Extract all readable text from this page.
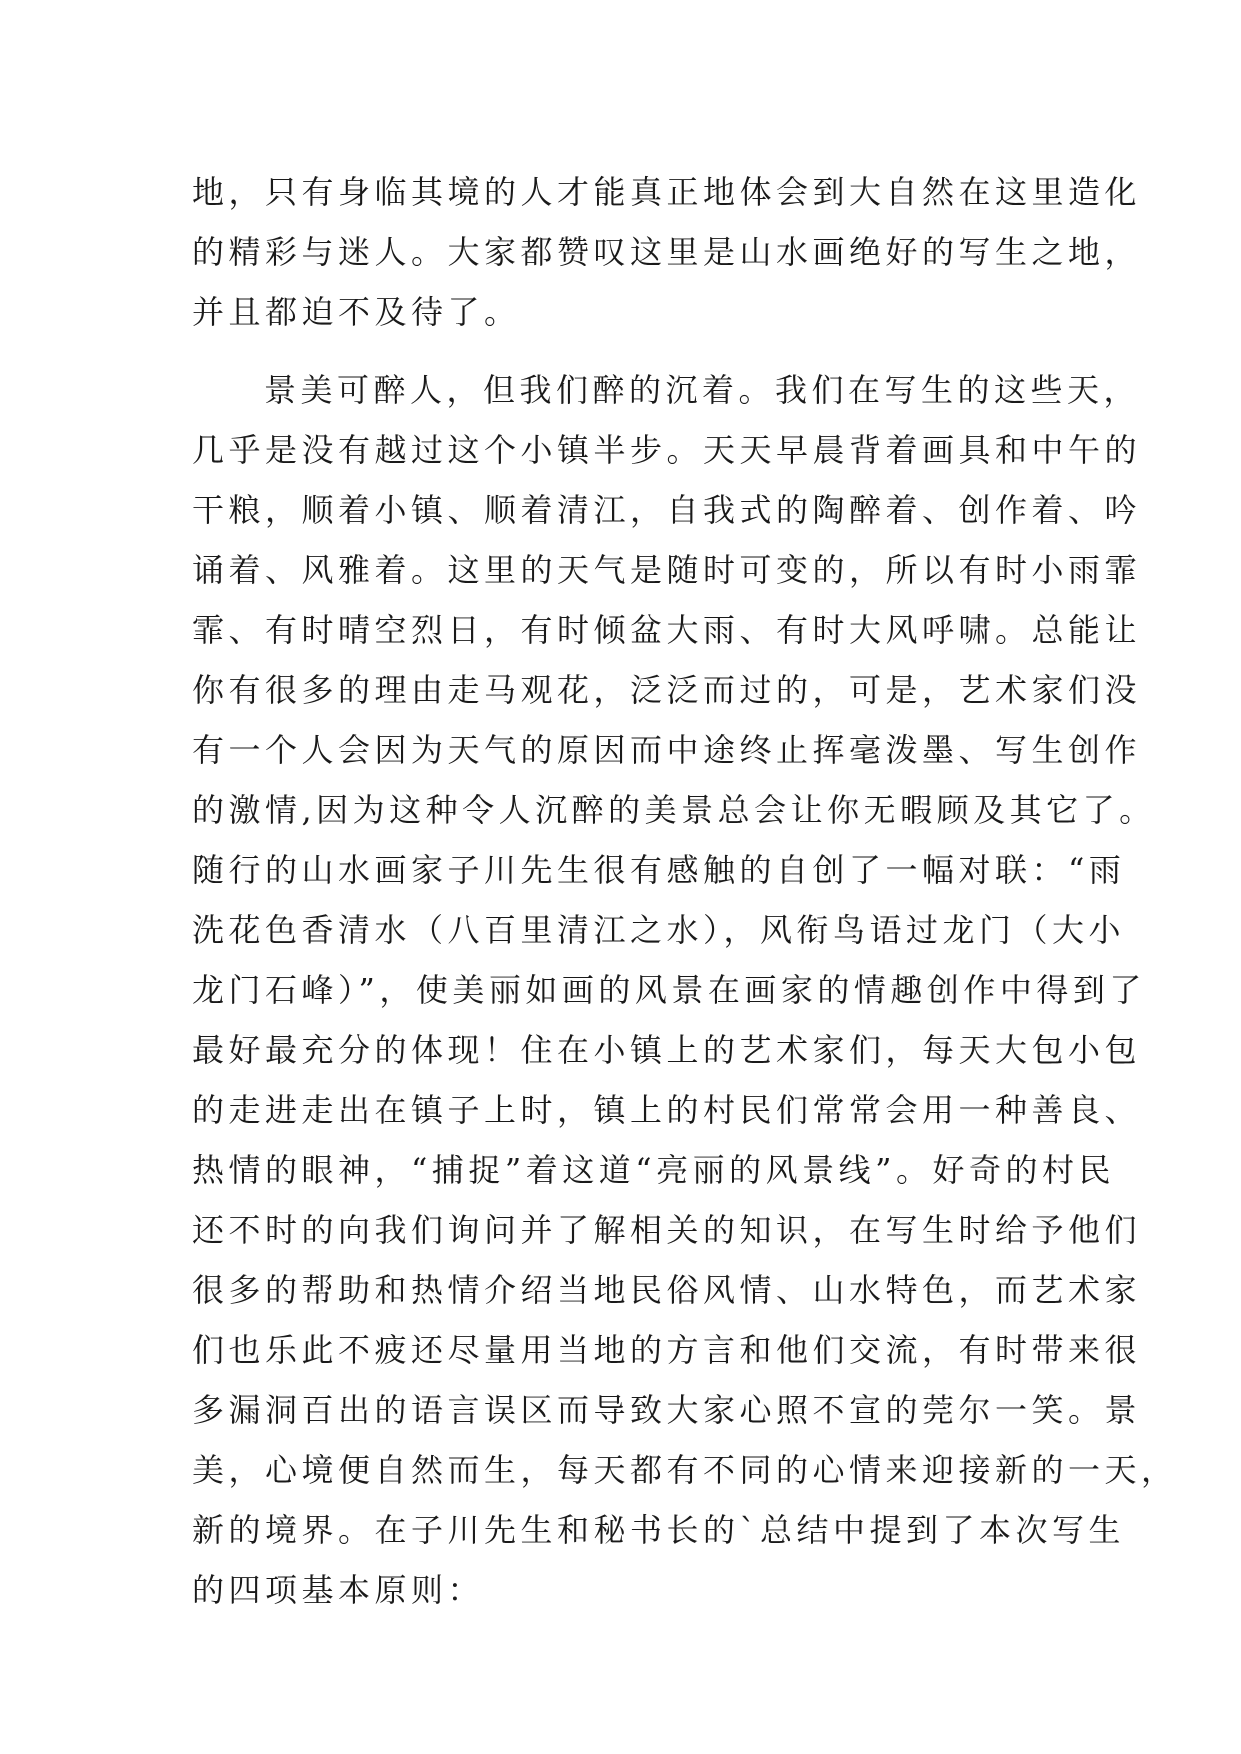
地，只有身临其境的人才能真正地体会到大自然在这里造化

的精彩与迷人。大家都赞叹这里是山水画绝好的写生之地，

并且都迫不及待了。

景美可醉人，但我们醉的沉着。我们在写生的这些天，

几乎是没有越过这个小镇半步。天天早晨背着画具和中午的

干粮，顺着小镇、顺着清江，自我式的陶醉着、创作着、吟

诵着、风雅着。这里的天气是随时可变的，所以有时小雨霏

霏、有时晴空烈日，有时倾盆大雨、有时大风呼啸。总能让

你有很多的理由走马观花，泛泛而过的，可是，艺术家们没

有一个人会因为天气的原因而中途终止挥毫泼墨、写生创作

的激情,因为这种令人沉醉的美景总会让你无暇顾及其它了。

随行的山水画家子川先生很有感触的自创了一幅对联：“雨

洗花色香清水（八百里清江之水），风衔鸟语过龙门（大小

龙门石峰）”，使美丽如画的风景在画家的情趣创作中得到了

最好最充分的体现！住在小镇上的艺术家们，每天大包小包

的走进走出在镇子上时，镇上的村民们常常会用一种善良、

热情的眼神，“捕捉”着这道“亮丽的风景线”。好奇的村民

还不时的向我们询问并了解相关的知识，在写生时给予他们

很多的帮助和热情介绍当地民俗风情、山水特色，而艺术家

们也乐此不疲还尽量用当地的方言和他们交流，有时带来很

多漏洞百出的语言误区而导致大家心照不宣的莞尔一笑。景

美，心境便自然而生，每天都有不同的心情来迎接新的一天，

新的境界。在子川先生和秘书长的`总结中提到了本次写生

的四项基本原则：
